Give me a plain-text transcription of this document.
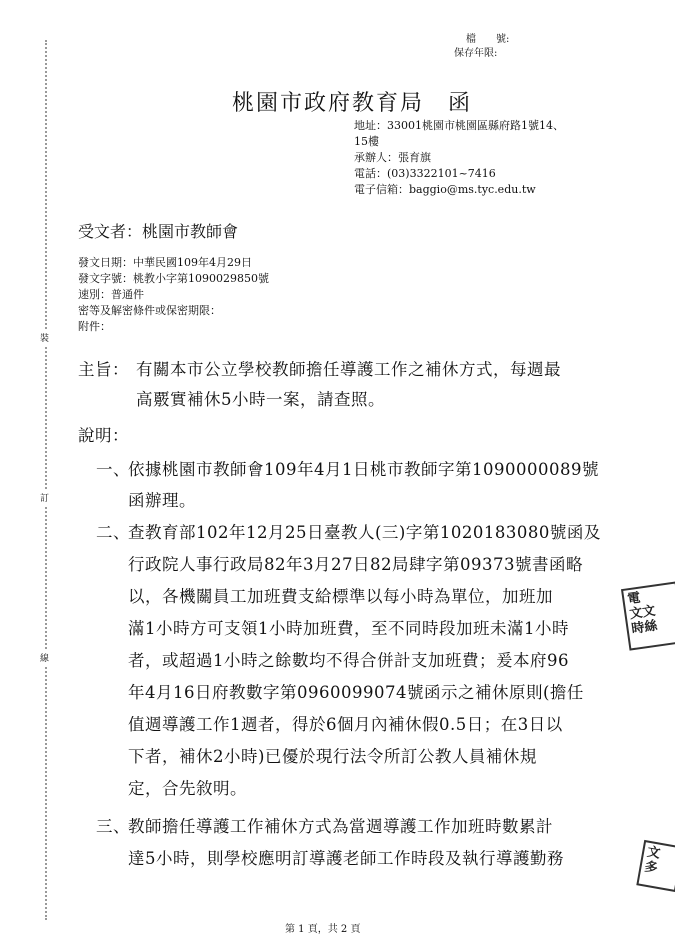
裝
訂
線
檔　　號:
保存年限:
桃園市政府教育局　函
地址：33001桃園市桃園區縣府路1號14、
15樓
承辦人：張育旗
電話：(03)3322101~7416
電子信箱：baggio@ms.tyc.edu.tw
受文者：桃園市教師會
發文日期：中華民國109年4月29日
發文字號：桃教小字第1090029850號
速別：普通件
密等及解密條件或保密期限：
附件：
主旨： 有關本市公立學校教師擔任導護工作之補休方式，每週最
高覈實補休5小時一案，請查照。
說明：
一、
依據桃園市教師會109年4月1日桃市教師字第1090000089號
函辦理。
二、
查教育部102年12月25日臺教人(三)字第1020183080號函及
行政院人事行政局82年3月27日82局肆字第09373號書函略
以，各機關員工加班費支給標準以每小時為單位，加班加
滿1小時方可支領1小時加班費，至不同時段加班未滿1小時
者，或超過1小時之餘數均不得合併計支加班費；爰本府96
年4月16日府教數字第0960099074號函示之補休原則(擔任
值週導護工作1週者，得於6個月內補休假0.5日；在3日以
下者，補休2小時)已優於現行法令所訂公教人員補休規
定，合先敘明。
三、
教師擔任導護工作補休方式為當週導護工作加班時數累計
達5小時，則學校應明訂導護老師工作時段及執行導護勤務
電　
文文
時絲
文
多
第 1 頁，共 2 頁
